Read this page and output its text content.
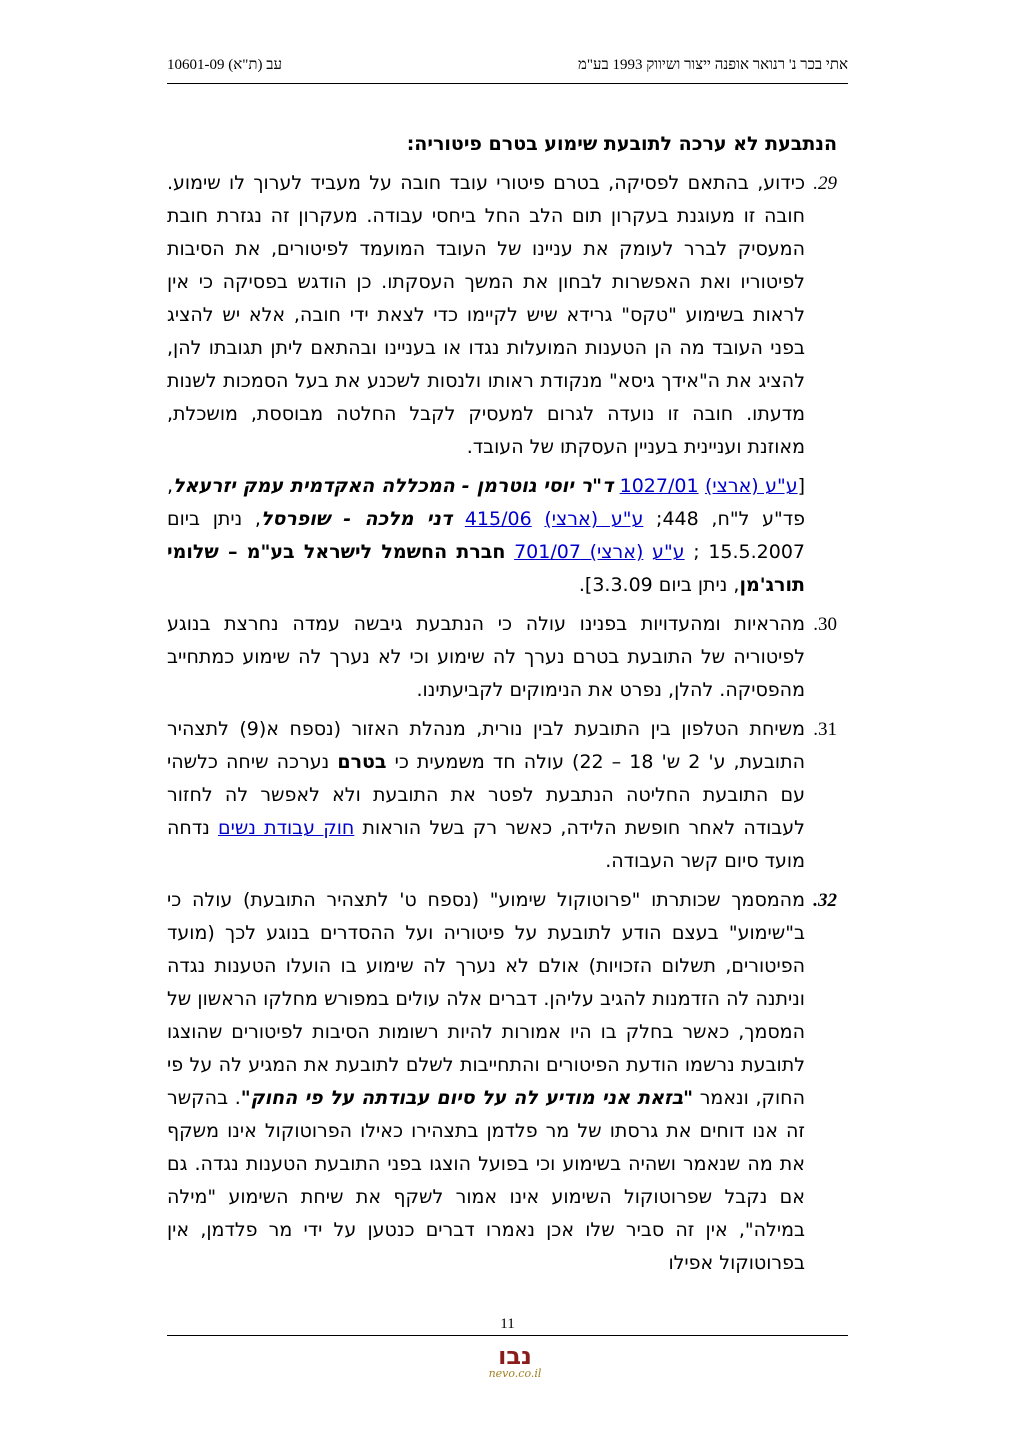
עב (ת"א) 10601-09	אתי בכר נ' רנואר אופנה ייצור ושיווק 1993 בע"מ
הנתבעת לא ערכה לתובעת שימוע בטרם פיטוריה:
29.
כידוע, בהתאם לפסיקה, בטרם פיטורי עובד חובה על מעביד לערוך לו שימוע. חובה זו מעוגנת בעקרון תום הלב החל ביחסי עבודה. מעקרון זה נגזרת חובת המעסיק לברר לעומק את עניינו של העובד המועמד לפיטורים, את הסיבות לפיטוריו ואת האפשרות לבחון את המשך העסקתו. כן הודגש בפסיקה כי אין לראות בשימוע "טקס" גרידא שיש לקיימו כדי לצאת ידי חובה, אלא יש להציג בפני העובד מה הן הטענות המועלות נגדו או בעניינו ובהתאם ליתן תגובתו להן, להציג את ה"אידך גיסא" מנקודת ראותו ולנסות לשכנע את בעל הסמכות לשנות מדעתו. חובה זו נועדה לגרום למעסיק לקבל החלטה מבוססת, מושכלת, מאוזנת ועניינית בעניין העסקתו של העובד.
[ע"ע (ארצי) 1027/01 ד"ר יוסי גוטרמן - המכללה האקדמית עמק יזרעאל, פד"ע ל"ח, 448; ע"ע (ארצי) 415/06 דני מלכה - שופרסל, ניתן ביום 15.5.2007 ; ע"ע (ארצי) 701/07 חברת החשמל לישראל בע"מ – שלומי תורג'מן, ניתן ביום 3.3.09].
30.
מהראיות ומהעדויות בפנינו עולה כי הנתבעת גיבשה עמדה נחרצת בנוגע לפיטוריה של התובעת בטרם נערך לה שימוע וכי לא נערך לה שימוע כמתחייב מהפסיקה. להלן, נפרט את הנימוקים לקביעתינו.
31.
משיחת הטלפון בין התובעת לבין נורית, מנהלת האזור (נספח א(9) לתצהיר התובעת, ע' 2 ש' 18 – 22) עולה חד משמעית כי בטרם נערכה שיחה כלשהי עם התובעת החליטה הנתבעת לפטר את התובעת ולא לאפשר לה לחזור לעבודה לאחר חופשת הלידה, כאשר רק בשל הוראות חוק עבודת נשים נדחה מועד סיום קשר העבודה.
32.
מהמסמך שכותרתו "פרוטוקול שימוע" (נספח ט' לתצהיר התובעת) עולה כי ב"שימוע" בעצם הודע לתובעת על פיטוריה ועל ההסדרים בנוגע לכך (מועד הפיטורים, תשלום הזכויות) אולם לא נערך לה שימוע בו הועלו הטענות נגדה וניתנה לה הזדמנות להגיב עליהן. דברים אלה עולים במפורש מחלקו הראשון של המסמך, כאשר בחלק בו היו אמורות להיות רשומות הסיבות לפיטורים שהוצגו לתובעת נרשמו הודעת הפיטורים והתחייבות לשלם לתובעת את המגיע לה על פי החוק, ונאמר "בזאת אני מודיע לה על סיום עבודתה על פי החוק". בהקשר זה אנו דוחים את גרסתו של מר פלדמן בתצהירו כאילו הפרוטוקול אינו משקף את מה שנאמר ושהיה בשימוע וכי בפועל הוצגו בפני התובעת הטענות נגדה. גם אם נקבל שפרוטוקול השימוע אינו אמור לשקף את שיחת השימוע "מילה במילה", אין זה סביר שלו אכן נאמרו דברים כנטען על ידי מר פלדמן, אין בפרוטוקול אפילו
11
נבו
nevo.co.il
